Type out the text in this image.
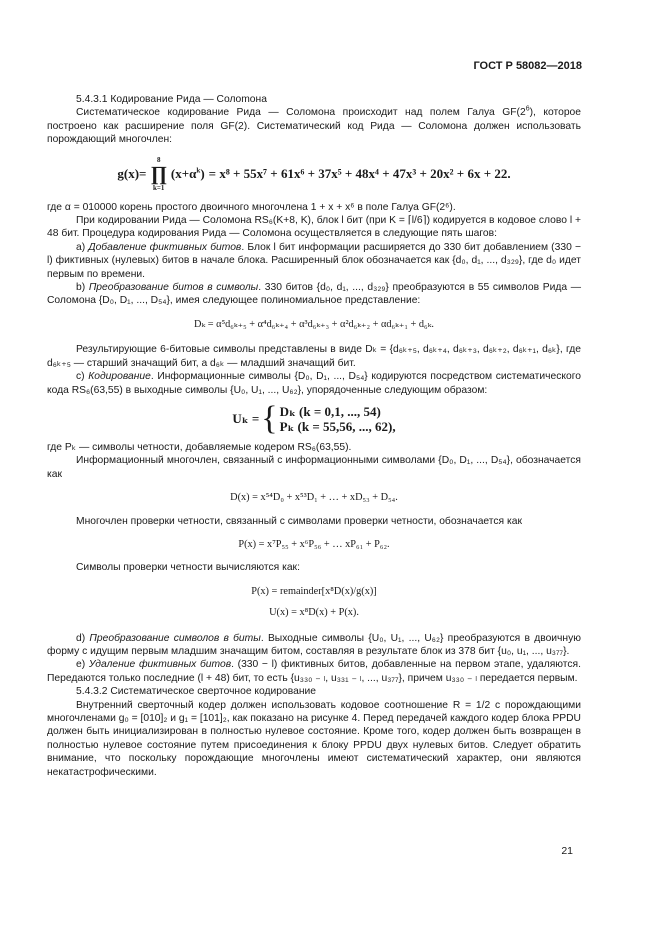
ГОСТ Р 58082—2018

5.4.3.1 Кодирование Рида — Солomона

Систематическое кодирование Рида — Соломона происходит над полем Галуа $GF(2^6)$, которое построено как расширение поля GF(2). Систематический код Рида — Соломона должен использовать порождающий многочлен:

g(x)=
8
∏
k=1
$(x+\alpha^k) = x^8 + 55x^7 + 61x^6 + 37x^5 + 48x^4 + 47x^3 + 20x^2 + 6x + 22$.

где α = 010000 корень простого двоичного многочлена 1 + x + x⁶ в поле Галуа GF(2⁶).

При кодировании Рида — Соломона RS₆(K+8, K), блок l бит (при K = ⌈l/6⌉) кодируется в кодовое слово l + 48 бит. Процедура кодирования Рида — Соломона осуществляется в следующие пять шагов:

a) Добавление фиктивных битов. Блок l бит информации расширяется до 330 бит добавлением (330 − l) фиктивных (нулевых) битов в начале блока. Расширенный блок обозначается как {d₀, d₁, ..., d₃₂₉}, где d₀ идет первым по времени.

b) Преобразование битов в символы. 330 битов {d₀, d₁, ..., d₃₂₉} преобразуются в 55 символов Рида — Соломона {D₀, D₁, ..., D₅₄}, имея следующее полиномиальное представление:

Dₖ = α⁵d₆ₖ₊₅ + α⁴d₆ₖ₊₄ + α³d₆ₖ₊₃ + α²d₆ₖ₊₂ + αd₆ₖ₊₁ + d₆ₖ.

Результирующие 6-битовые символы представлены в виде Dₖ = {d₆ₖ₊₅, d₆ₖ₊₄, d₆ₖ₊₃, d₆ₖ₊₂, d₆ₖ₊₁, d₆ₖ}, где d₆ₖ₊₅ — старший значащий бит, а d₆ₖ — младший значащий бит.

c) Кодирование. Информационные символы {D₀, D₁, ..., D₅₄} кодируются посредством систематического кода RS₆(63,55) в выходные символы {U₀, U₁, ..., U₆₂}, упорядоченные следующим образом:

Uₖ = { Dₖ (k = 0,1, ..., 54)
Pₖ (k = 55,56, ..., 62),

где Pₖ — символы четности, добавляемые кодером RS₆(63,55).

Информационный многочлен, связанный с информационными символами {D₀, D₁, ..., D₅₄}, обозначается как

D(x) = x⁵⁴D₀ + x⁵³D₁ + … + xD₅₃ + D₅₄.

Многочлен проверки четности, связанный с символами проверки четности, обозначается как

P(x) = x⁷P₅₅ + x⁶P₅₆ + … xP₆₁ + P₆₂.

Символы проверки четности вычисляются как:

P(x) = remainder[x⁸D(x)/g(x)]

U(x) = x⁸D(x) + P(x).

d) Преобразование символов в биты. Выходные символы {U₀, U₁, ..., U₆₂} преобразуются в двоичную форму с идущим первым младшим значащим битом, составляя в результате блок из 378 бит {u₀, u₁, ..., u₃₇₇}.

e) Удаление фиктивных битов. (330 − l) фиктивных битов, добавленные на первом этапе, удаляются. Передаются только последние (l + 48) бит, то есть {u₃₃₀ ₋ ₗ, u₃₃₁ ₋ ₗ, ..., u₃₇₇}, причем u₃₃₀ ₋ ₗ передается первым.

5.4.3.2 Систематическое сверточное кодирование

Внутренний сверточный кодер должен использовать кодовое соотношение R = 1/2 с порождающими многочленами g₀ = [010]₂ и g₁ = [101]₂, как показано на рисунке 4. Перед передачей каждого кодер блока PPDU должен быть инициализирован в полностью нулевое состояние. Кроме того, кодер должен быть возвращен в полностью нулевое состояние путем присоединения к блоку PPDU двух нулевых битов. Следует обратить внимание, что поскольку порождающие многочлены имеют систематический характер, они являются некатастрофическими.

21
